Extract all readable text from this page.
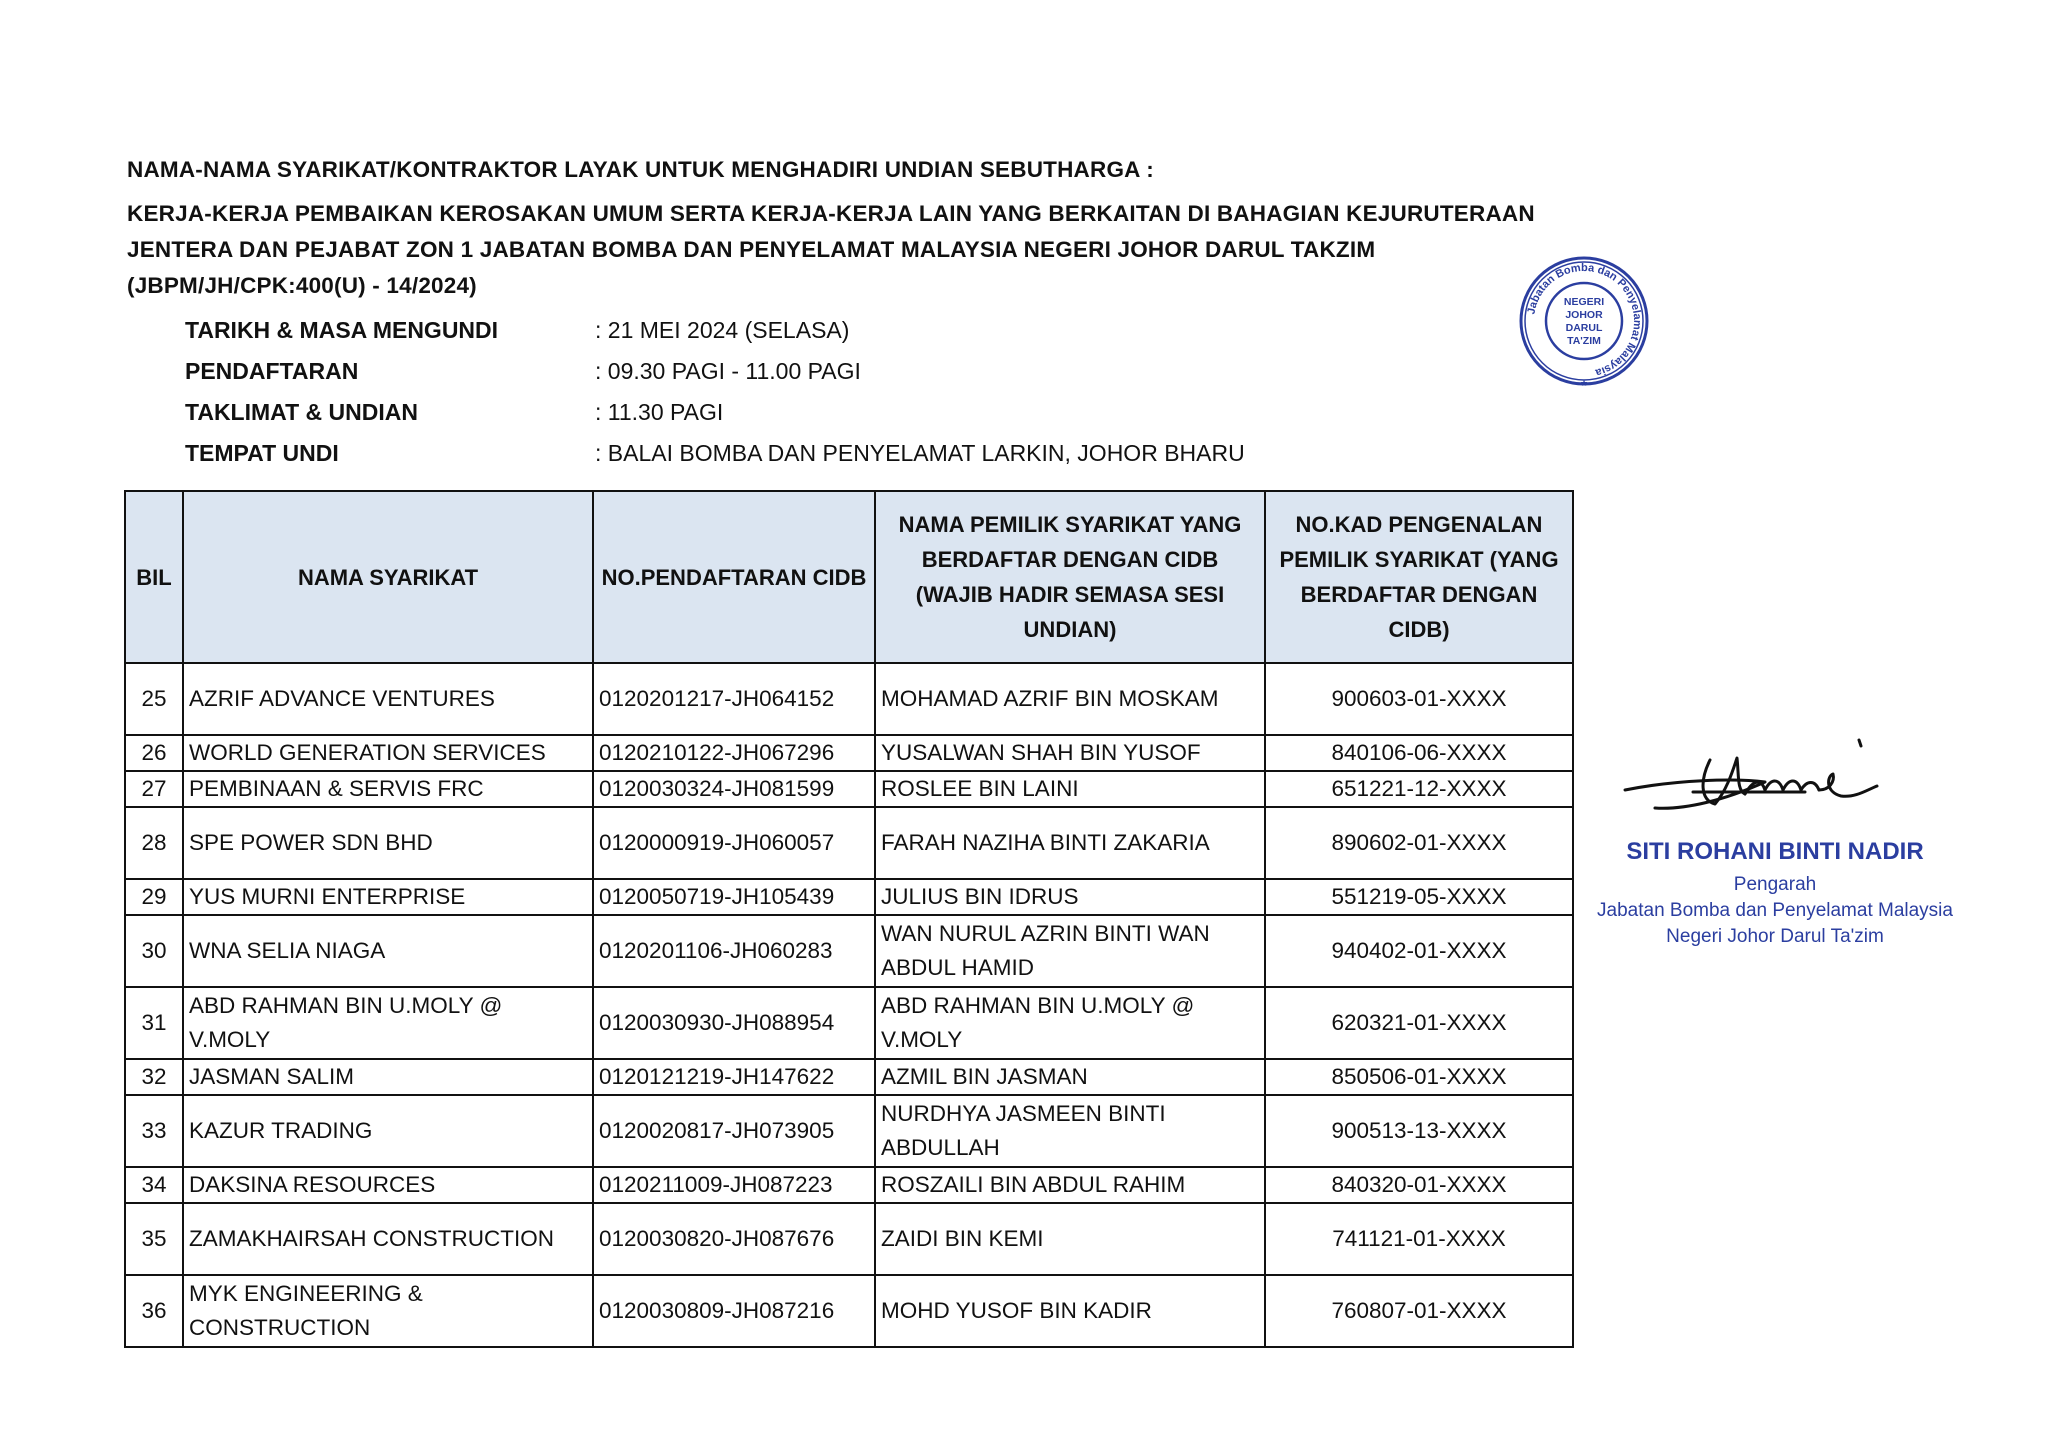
NAMA-NAMA SYARIKAT/KONTRAKTOR LAYAK UNTUK MENGHADIRI UNDIAN SEBUTHARGA :
KERJA-KERJA PEMBAIKAN KEROSAKAN UMUM SERTA KERJA-KERJA LAIN YANG BERKAITAN DI BAHAGIAN KEJURUTERAAN
JENTERA DAN PEJABAT ZON 1 JABATAN BOMBA DAN PENYELAMAT MALAYSIA NEGERI JOHOR DARUL TAKZIM
(JBPM/JH/CPK:400(U) - 14/2024)
TARIKH & MASA MENGUNDI	: 21 MEI 2024 (SELASA)
PENDAFTARAN	: 09.30 PAGI - 11.00 PAGI
TAKLIMAT & UNDIAN	: 11.30 PAGI
TEMPAT UNDI	: BALAI BOMBA DAN PENYELAMAT LARKIN, JOHOR BHARU
Jabatan Bomba dan Penyelamat Malaysia
★
NEGERI
JOHOR
DARUL
TA'ZIM
BIL	NAMA SYARIKAT	NO.PENDAFTARAN CIDB	NAMA PEMILIK SYARIKAT YANG BERDAFTAR DENGAN CIDB (WAJIB HADIR SEMASA SESI UNDIAN)	NO.KAD PENGENALAN PEMILIK SYARIKAT (YANG BERDAFTAR DENGAN CIDB)
25	AZRIF ADVANCE VENTURES	0120201217-JH064152	MOHAMAD AZRIF BIN MOSKAM	900603-01-XXXX
26	WORLD GENERATION SERVICES	0120210122-JH067296	YUSALWAN SHAH BIN YUSOF	840106-06-XXXX
27	PEMBINAAN & SERVIS FRC	0120030324-JH081599	ROSLEE BIN LAINI	651221-12-XXXX
28	SPE POWER SDN BHD	0120000919-JH060057	FARAH NAZIHA BINTI ZAKARIA	890602-01-XXXX
29	YUS MURNI ENTERPRISE	0120050719-JH105439	JULIUS BIN IDRUS	551219-05-XXXX
30	WNA SELIA NIAGA	0120201106-JH060283	WAN NURUL AZRIN BINTI WAN ABDUL HAMID	940402-01-XXXX
31	ABD RAHMAN BIN U.MOLY @ V.MOLY	0120030930-JH088954	ABD RAHMAN BIN U.MOLY @ V.MOLY	620321-01-XXXX
32	JASMAN SALIM	0120121219-JH147622	AZMIL BIN JASMAN	850506-01-XXXX
33	KAZUR TRADING	0120020817-JH073905	NURDHYA JASMEEN BINTI ABDULLAH	900513-13-XXXX
34	DAKSINA RESOURCES	0120211009-JH087223	ROSZAILI BIN ABDUL RAHIM	840320-01-XXXX
35	ZAMAKHAIRSAH CONSTRUCTION	0120030820-JH087676	ZAIDI BIN KEMI	741121-01-XXXX
36	MYK ENGINEERING & CONSTRUCTION	0120030809-JH087216	MOHD YUSOF BIN KADIR	760807-01-XXXX
SITI ROHANI BINTI NADIR
Pengarah
Jabatan Bomba dan Penyelamat Malaysia
Negeri Johor Darul Ta'zim
